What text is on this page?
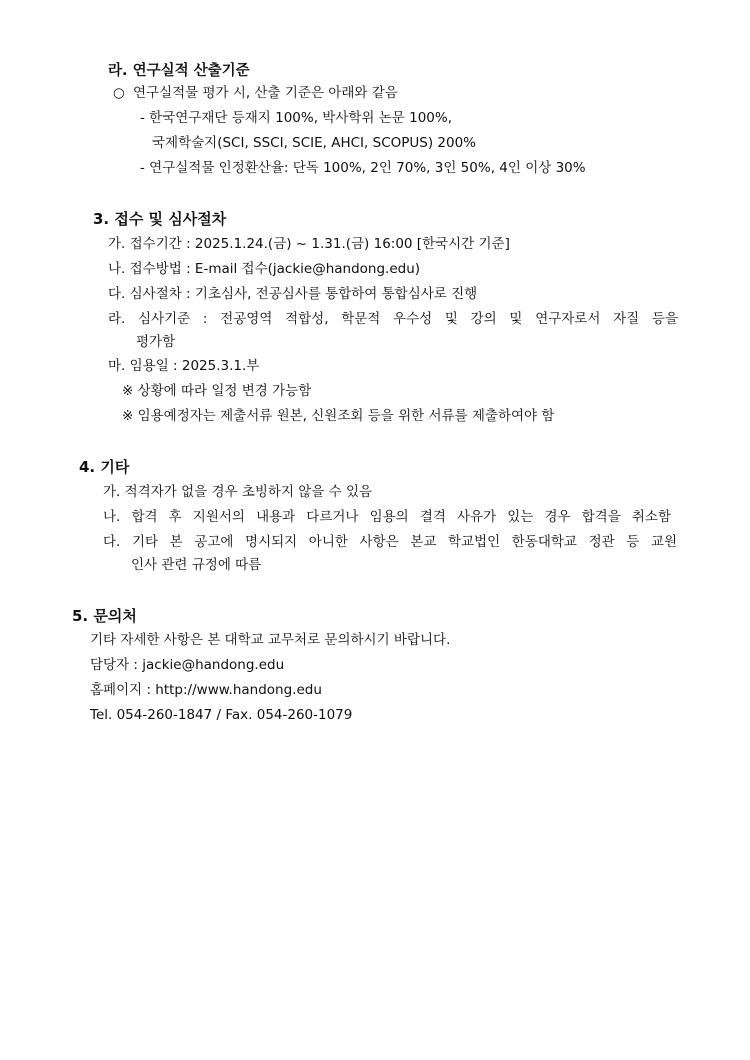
라. 연구실적 산출기준
○ 연구실적물 평가 시, 산출 기준은 아래와 같음
- 한국연구재단 등재지 100%, 박사학위 논문 100%,
국제학술지(SCI, SSCI, SCIE, AHCI, SCOPUS) 200%
- 연구실적물 인정환산율: 단독 100%, 2인 70%, 3인 50%, 4인 이상 30%
3. 접수 및 심사절차
가. 접수기간 : 2025.1.24.(금) ~ 1.31.(금) 16:00 [한국시간 기준]
나. 접수방법 : E-mail 접수(jackie@handong.edu)
다. 심사절차 : 기초심사, 전공심사를 통합하여 통합심사로 진행
라. 심사기준 : 전공영역 적합성, 학문적 우수성 및 강의 및 연구자로서 자질 등을
평가함
마. 임용일 : 2025.3.1.부
※ 상황에 따라 일정 변경 가능함
※ 임용예정자는 제출서류 원본, 신원조회 등을 위한 서류를 제출하여야 함
4. 기타
가. 적격자가 없을 경우 초빙하지 않을 수 있음
나. 합격 후 지원서의 내용과 다르거나 임용의 결격 사유가 있는 경우 합격을 취소함
다. 기타 본 공고에 명시되지 아니한 사항은 본교 학교법인 한동대학교 정관 등 교원
인사 관련 규정에 따름
5. 문의처
기타 자세한 사항은 본 대학교 교무처로 문의하시기 바랍니다.
담당자 : jackie@handong.edu
홈페이지 : http://www.handong.edu
Tel. 054-260-1847 / Fax. 054-260-1079
